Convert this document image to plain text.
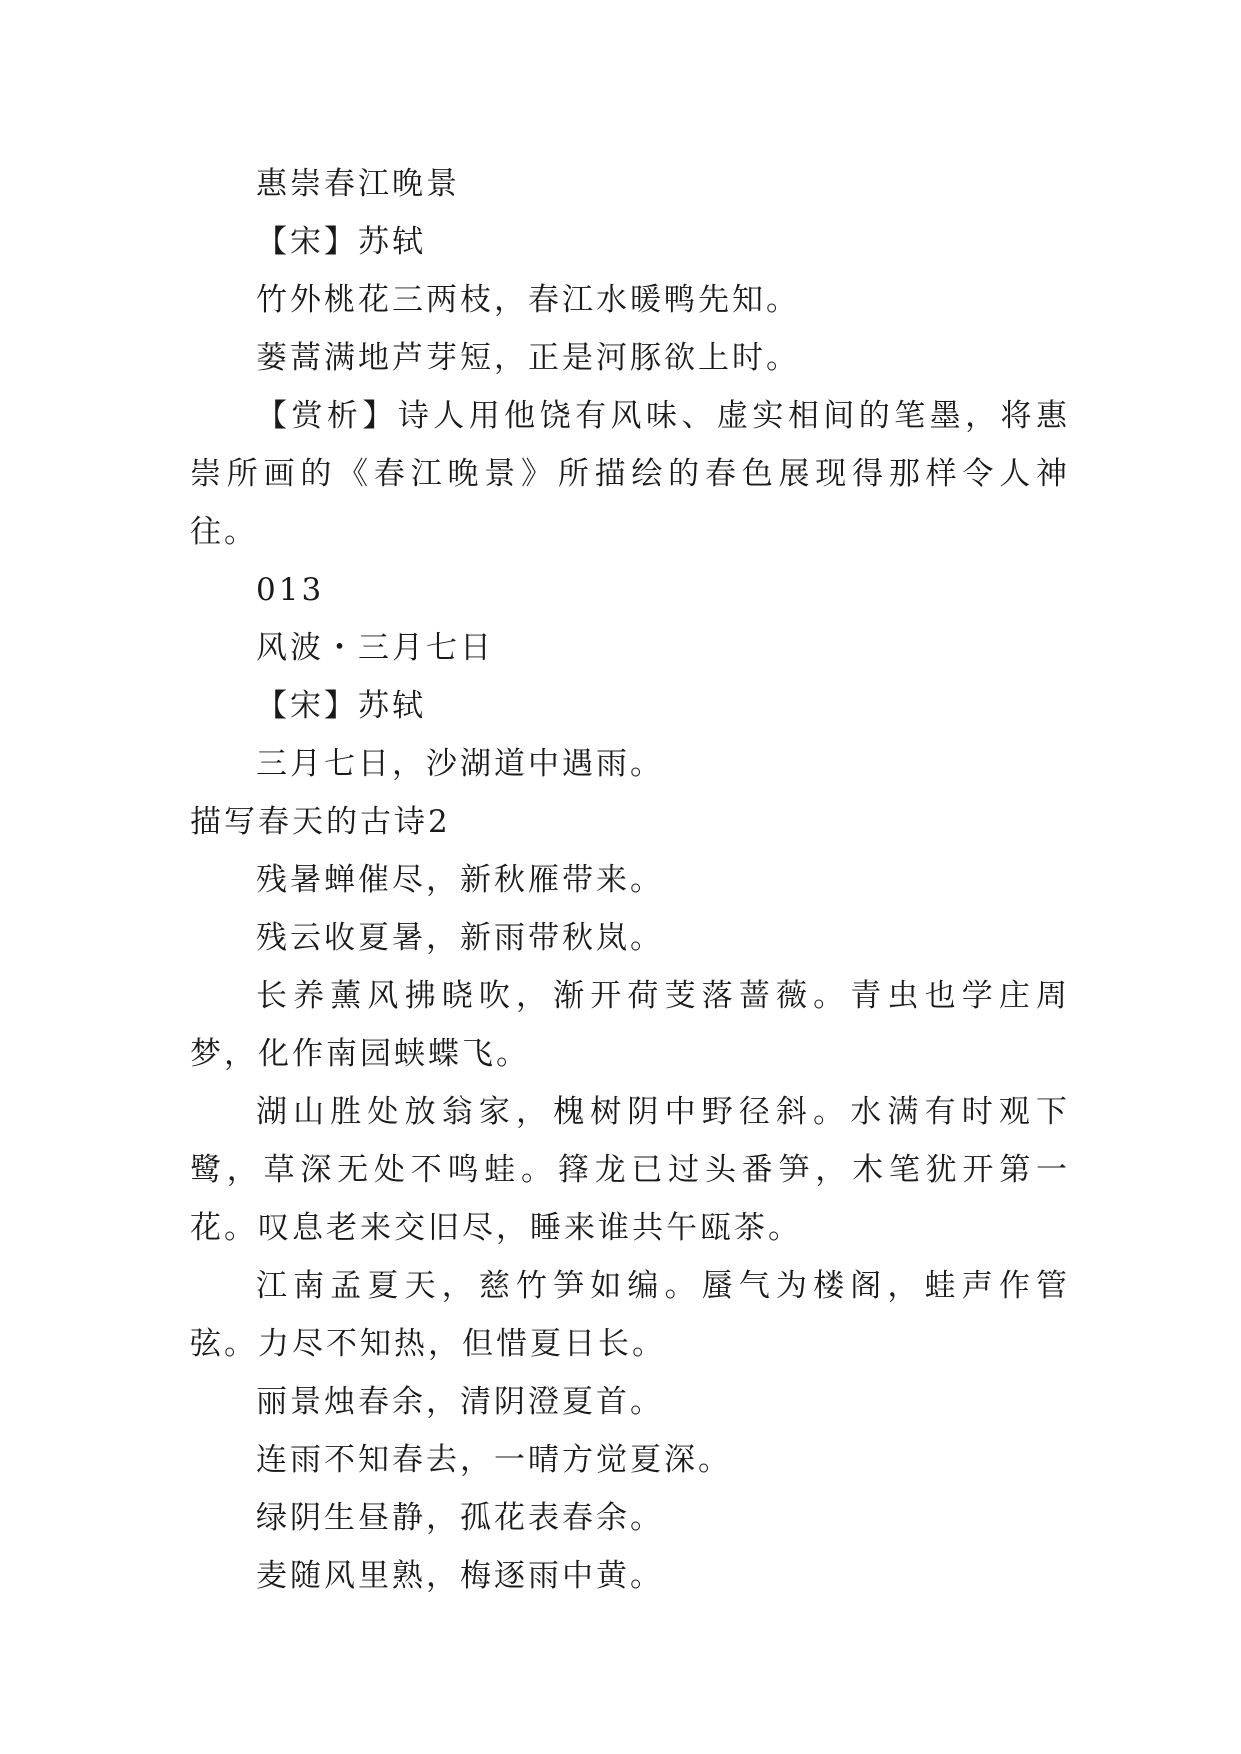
惠崇春江晚景

【宋】苏轼

竹外桃花三两枝，春江水暖鸭先知。

蒌蒿满地芦芽短，正是河豚欲上时。

【赏析】诗人用他饶有风味、虚实相间的笔墨，将惠崇所画的《春江晚景》所描绘的春色展现得那样令人神往。

013

风波・三月七日

【宋】苏轼

三月七日，沙湖道中遇雨。

描写春天的古诗2

残暑蝉催尽，新秋雁带来。

残云收夏暑，新雨带秋岚。

长养薰风拂晓吹，渐开荷芰落蔷薇。青虫也学庄周梦，化作南园蛱蝶飞。

湖山胜处放翁家，槐树阴中野径斜。水满有时观下鹭，草深无处不鸣蛙。箨龙已过头番笋，木笔犹开第一花。叹息老来交旧尽，睡来谁共午瓯茶。

江南孟夏天，慈竹笋如编。蜃气为楼阁，蛙声作管弦。力尽不知热，但惜夏日长。

丽景烛春余，清阴澄夏首。

连雨不知春去，一晴方觉夏深。

绿阴生昼静，孤花表春余。

麦随风里熟，梅逐雨中黄。
